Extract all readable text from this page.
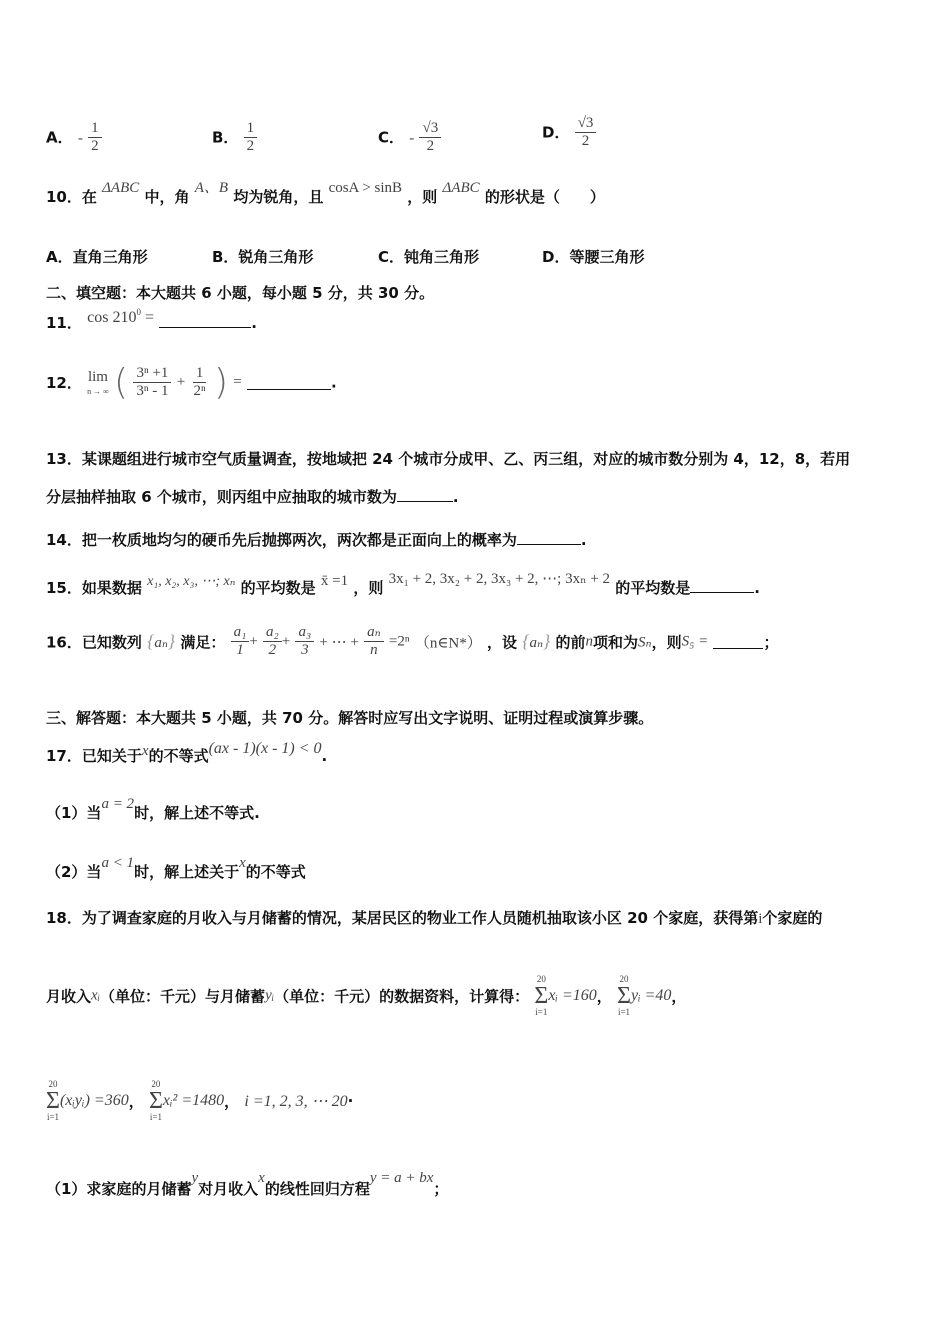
A． - $\frac{1}{2}$	B． $\frac{1}{2}$	C． - $\frac{√3}{2}$	D． $\frac{√3}{2}$
10．在 ΔABC 中，角 A、B 均为锐角，且 cosA > sinB ，则 ΔABC 的形状是（　　）
A．直角三角形	B．锐角三角形	C．钝角三角形	D．等腰三角形
二、填空题：本大题共 6 小题，每小题 5 分，共 30 分。
11． $\cos 210^0$ =	.
12． lim
n → ∞ ( $\frac{\text{3ⁿ +1}}{\text{3ⁿ - 1}} + \frac{1}{\text{2ⁿ}}$ ) =	.
13．某课题组进行城市空气质量调查，按地域把 24 个城市分成甲、乙、丙三组，对应的城市数分别为 4，12，8，若用
分层抽样抽取 6 个城市，则丙组中应抽取的城市数为	.
14．把一枚质地均匀的硬币先后抛掷两次，两次都是正面向上的概率为	.
15．如果数据 x₁, x₂, x₃, ⋯; xₙ 的平均数是 x̄ =1 ，则 3x₁ + 2, 3x₂ + 2, 3x₃ + 2, ⋯; 3xₙ + 2 的平均数是	.
16．已知数列 {aₙ} 满足： $\frac{\text{a₁}}{1} + \frac{\text{a₂}}{2} + \frac{\text{a₃}}{3}$ + ⋯ + $\frac{\text{aₙ}}{n} =2^n$ （n∈N*） ，设 {aₙ} 的前n项和为Sₙ，则S₅ =	；
三、解答题：本大题共 5 小题，共 70 分。解答时应写出文字说明、证明过程或演算步骤。
17．已知关于x的不等式(ax - 1)(x - 1) < 0.
（1）当a = 2时，解上述不等式.
（2）当a < 1时，解上述关于x的不等式
18．为了调查家庭的月收入与月储蓄的情况，某居民区的物业工作人员随机抽取该小区 20 个家庭，获得第i个家庭的
月收入xᵢ（单位：千元）与月储蓄yᵢ（单位：千元）的数据资料，计算得：
20
Σ
i=1
xᵢ =160，
20
Σ
i=1
yᵢ =40，
20
Σ
i=1
(xᵢyᵢ) =360，
20
Σ
i=1
xᵢ² =1480， i =1, 2, 3, ⋯ 20·
（1）求家庭的月储蓄y对月收入x的线性回归方程y = a + bx；
